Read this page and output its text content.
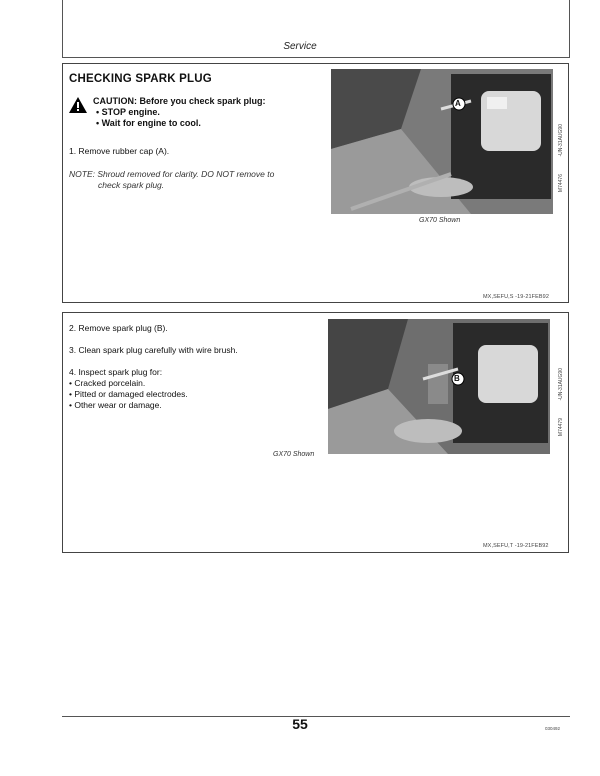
Service
CHECKING SPARK PLUG
CAUTION: Before you check spark plug:
• STOP engine.
• Wait for engine to cool.
1. Remove rubber cap (A).
NOTE: Shroud removed for clarity. DO NOT remove to
check spark plug.
A
-UN-31AUG90
M74476
GX70 Shown
MX,SEFU,S -19-21FEB92
2. Remove spark plug (B).
3. Clean spark plug carefully with wire brush.
4. Inspect spark plug for:
• Cracked porcelain.
• Pitted or damaged electrodes.
• Other wear or damage.
GX70 Shown
B	-UN-31AUG90
M74479
MX,SEFU,T -19-21FEB92
55	030492
